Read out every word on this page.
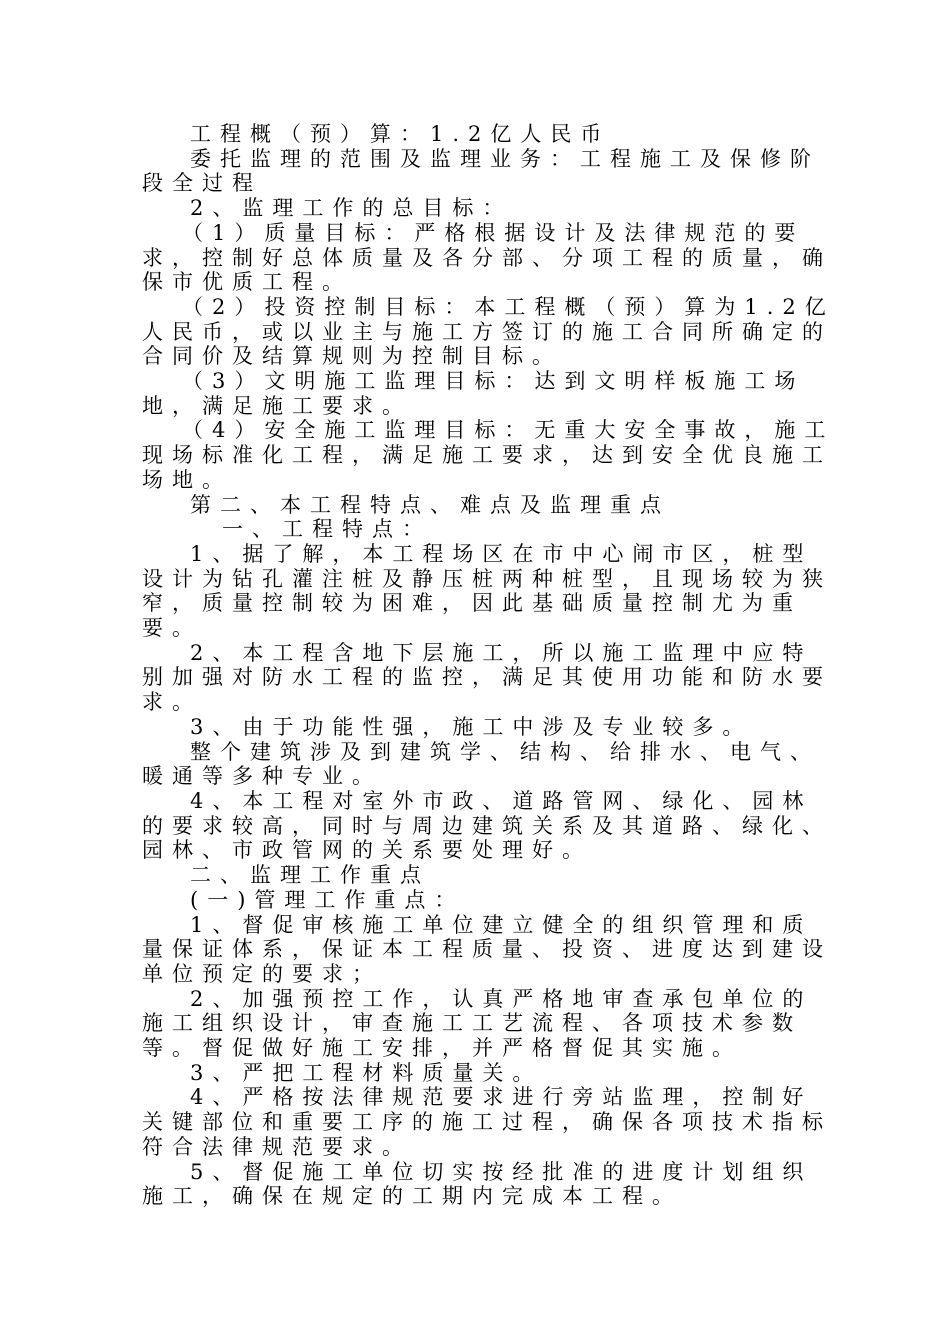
工程概（预）算：1.2亿人民币

委托监理的范围及监理业务：工程施工及保修阶段全过程

2、监理工作的总目标：

（1）质量目标：严格根据设计及法律规范的要求，控制好总体质量及各分部、分项工程的质量，确保市优质工程。

（2）投资控制目标：本工程概（预）算为1.2亿人民币，或以业主与施工方签订的施工合同所确定的合同价及结算规则为控制目标。

（3）文明施工监理目标：达到文明样板施工场地，满足施工要求。

（4）安全施工监理目标：无重大安全事故，施工现场标准化工程，满足施工要求，达到安全优良施工场地。

第二、本工程特点、难点及监理重点

一、工程特点：

1、据了解，本工程场区在市中心闹市区，桩型设计为钻孔灌注桩及静压桩两种桩型，且现场较为狭窄，质量控制较为困难，因此基础质量控制尤为重要。

2、本工程含地下层施工，所以施工监理中应特别加强对防水工程的监控，满足其使用功能和防水要求。

3、由于功能性强，施工中涉及专业较多。

整个建筑涉及到建筑学、结构、给排水、电气、暖通等多种专业。

4、本工程对室外市政、道路管网、绿化、园林的要求较高，同时与周边建筑关系及其道路、绿化、园林、市政管网的关系要处理好。

二、监理工作重点

(一)管理工作重点：

1、督促审核施工单位建立健全的组织管理和质量保证体系，保证本工程质量、投资、进度达到建设单位预定的要求；

2、加强预控工作，认真严格地审查承包单位的施工组织设计，审查施工工艺流程、各项技术参数等。督促做好施工安排，并严格督促其实施。

3、严把工程材料质量关。

4、严格按法律规范要求进行旁站监理，控制好关键部位和重要工序的施工过程，确保各项技术指标符合法律规范要求。

5、督促施工单位切实按经批准的进度计划组织施工，确保在规定的工期内完成本工程。
